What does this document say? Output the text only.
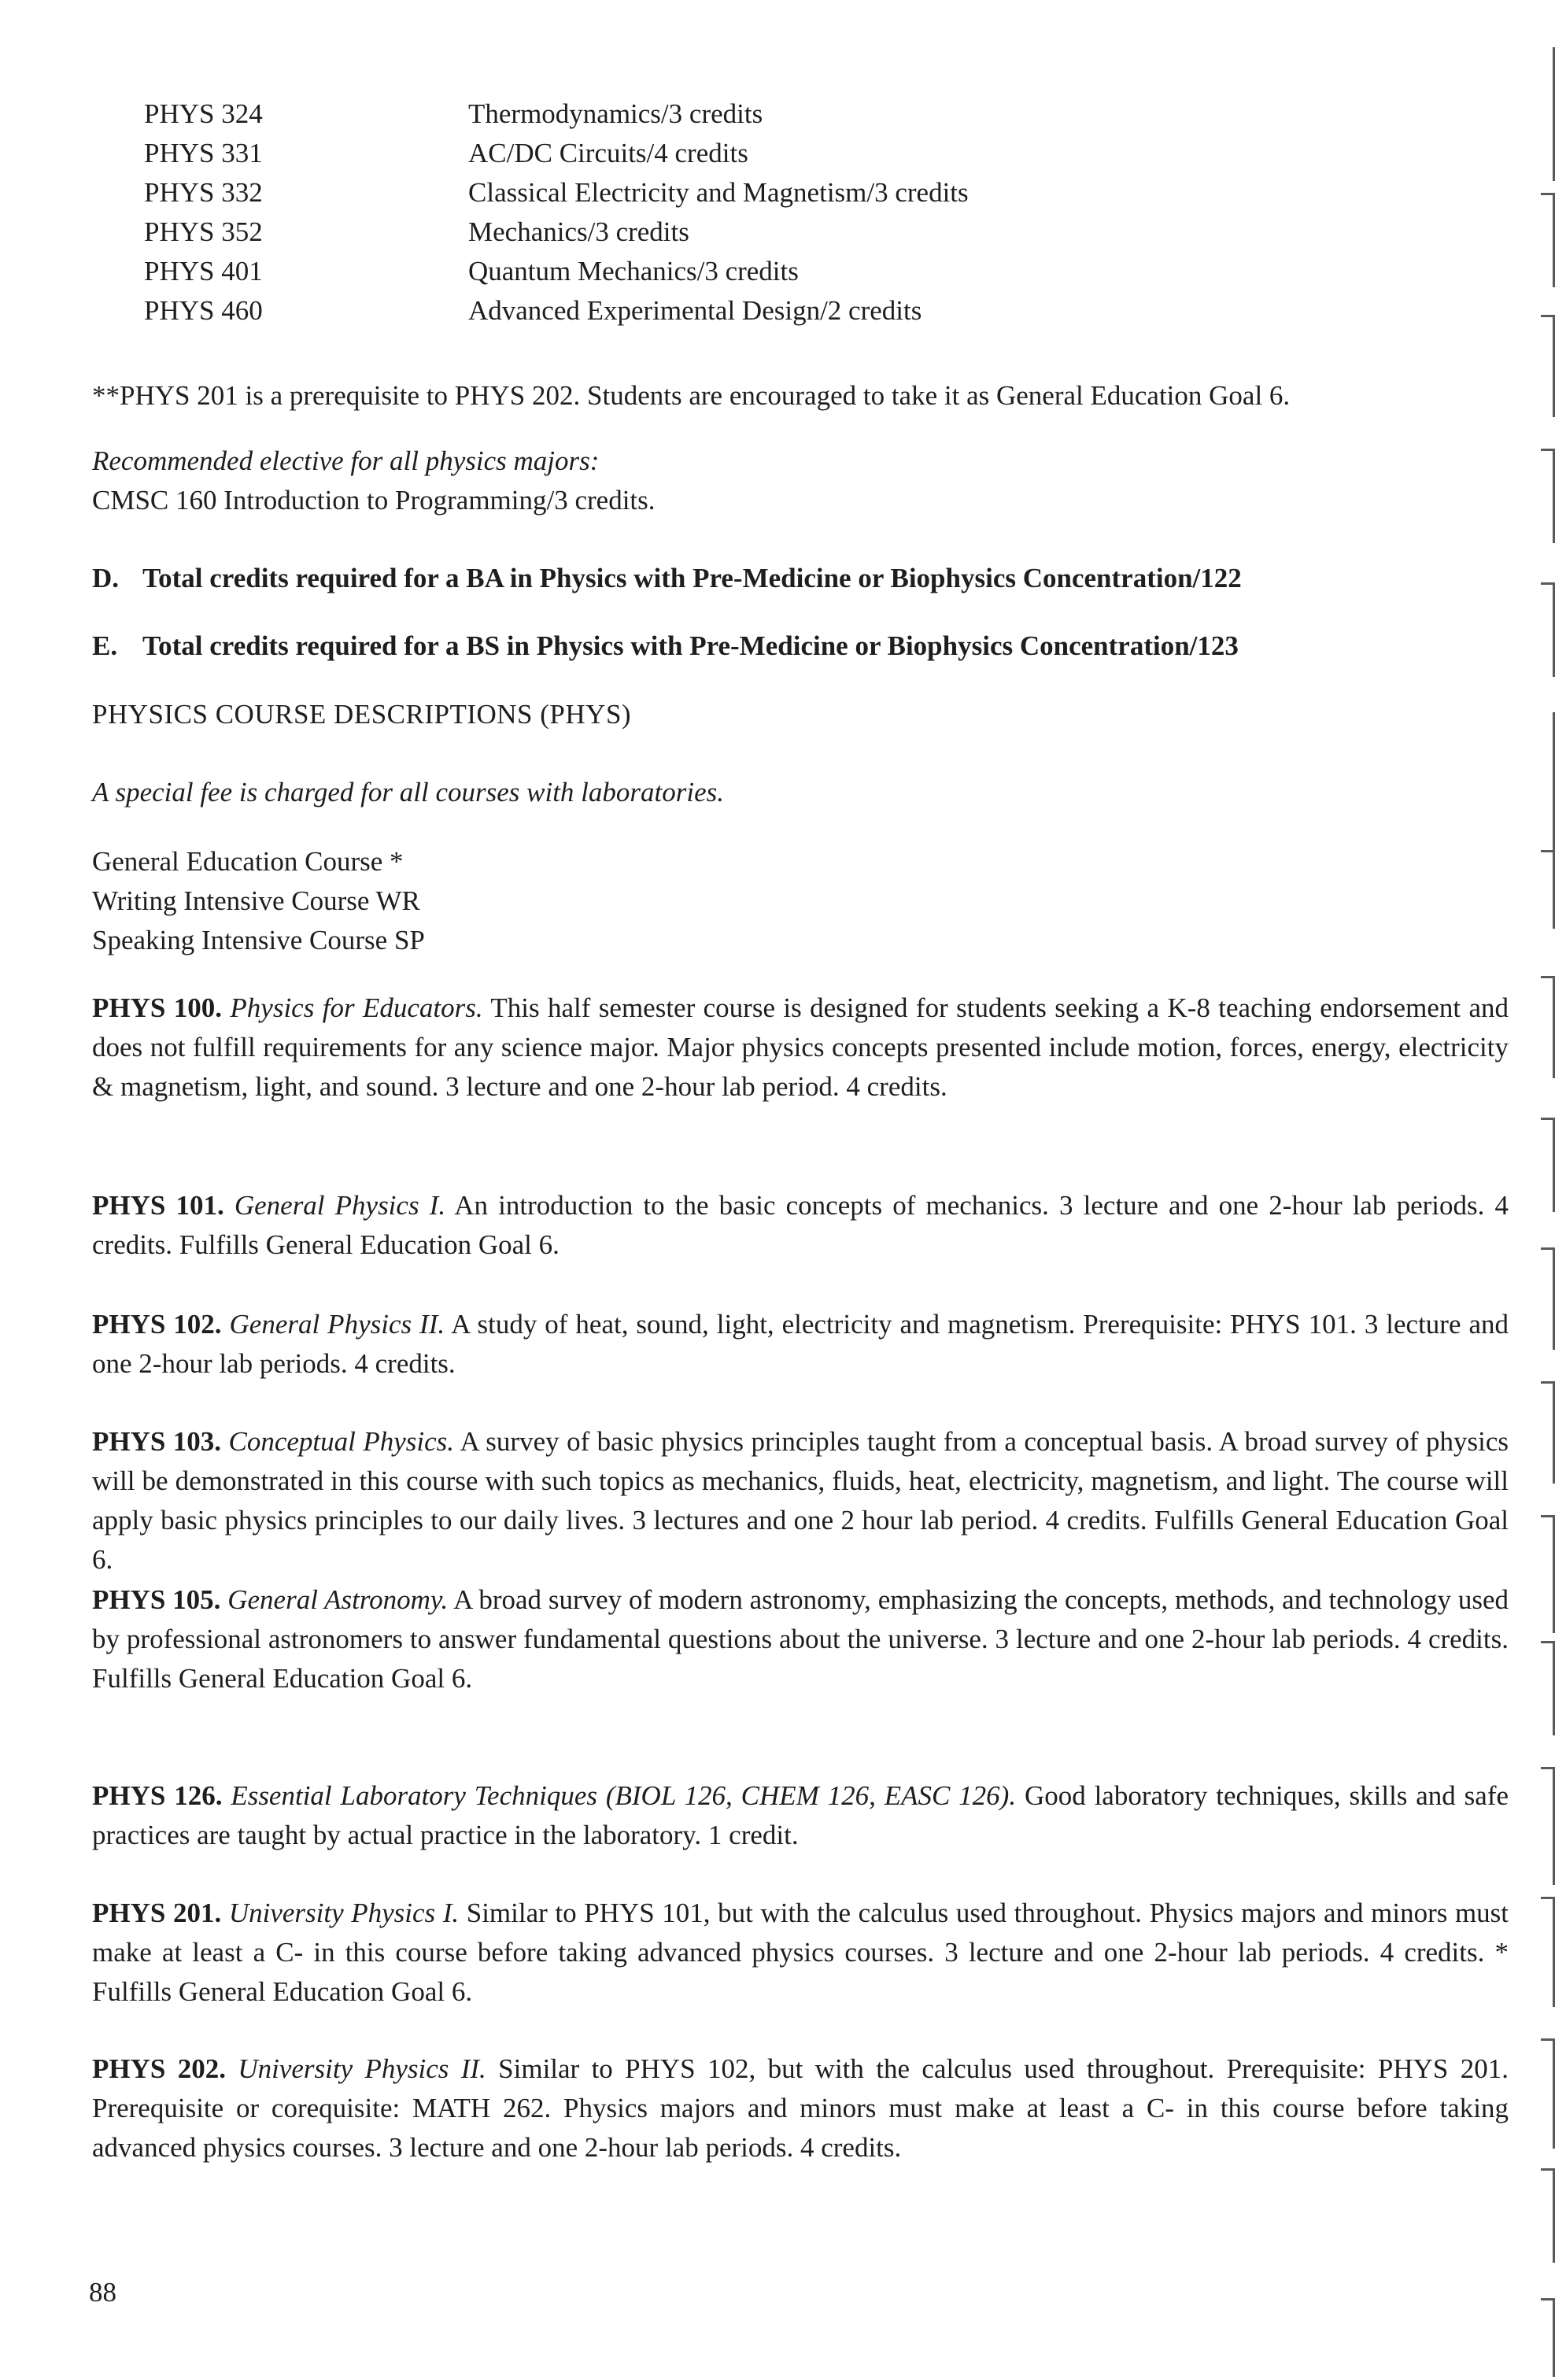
PHYS 324	Thermodynamics/3 credits
PHYS 331	AC/DC Circuits/4 credits
PHYS 332	Classical Electricity and Magnetism/3 credits
PHYS 352	Mechanics/3 credits
PHYS 401	Quantum Mechanics/3 credits
PHYS 460	Advanced Experimental Design/2 credits
**PHYS 201 is a prerequisite to PHYS 202. Students are encouraged to take it as General Education Goal 6.
Recommended elective for all physics majors:
CMSC 160 Introduction to Programming/3 credits.
D. Total credits required for a BA in Physics with Pre-Medicine or Biophysics Concentration/122
E. Total credits required for a BS in Physics with Pre-Medicine or Biophysics Concentration/123
PHYSICS COURSE DESCRIPTIONS (PHYS)
A special fee is charged for all courses with laboratories.
General Education Course *
Writing Intensive Course WR
Speaking Intensive Course SP
PHYS 100. Physics for Educators. This half semester course is designed for students seeking a K-8 teaching endorsement and does not fulfill requirements for any science major. Major physics concepts presented include motion, forces, energy, electricity & magnetism, light, and sound. 3 lecture and one 2-hour lab period. 4 credits.
PHYS 101. General Physics I. An introduction to the basic concepts of mechanics. 3 lecture and one 2-hour lab periods. 4 credits. Fulfills General Education Goal 6.
PHYS 102. General Physics II. A study of heat, sound, light, electricity and magnetism. Prerequisite: PHYS 101. 3 lecture and one 2-hour lab periods. 4 credits.
PHYS 103. Conceptual Physics. A survey of basic physics principles taught from a conceptual basis. A broad survey of physics will be demonstrated in this course with such topics as mechanics, fluids, heat, electricity, magnetism, and light. The course will apply basic physics principles to our daily lives. 3 lectures and one 2 hour lab period. 4 credits. Fulfills General Education Goal 6.
PHYS 105. General Astronomy. A broad survey of modern astronomy, emphasizing the concepts, methods, and technology used by professional astronomers to answer fundamental questions about the universe. 3 lecture and one 2-hour lab periods. 4 credits. Fulfills General Education Goal 6.
PHYS 126. Essential Laboratory Techniques (BIOL 126, CHEM 126, EASC 126). Good laboratory techniques, skills and safe practices are taught by actual practice in the laboratory. 1 credit.
PHYS 201. University Physics I. Similar to PHYS 101, but with the calculus used throughout. Physics majors and minors must make at least a C- in this course before taking advanced physics courses. 3 lecture and one 2-hour lab periods. 4 credits. * Fulfills General Education Goal 6.
PHYS 202. University Physics II. Similar to PHYS 102, but with the calculus used throughout. Prerequisite: PHYS 201. Prerequisite or corequisite: MATH 262. Physics majors and minors must make at least a C- in this course before taking advanced physics courses. 3 lecture and one 2-hour lab periods. 4 credits.
88
